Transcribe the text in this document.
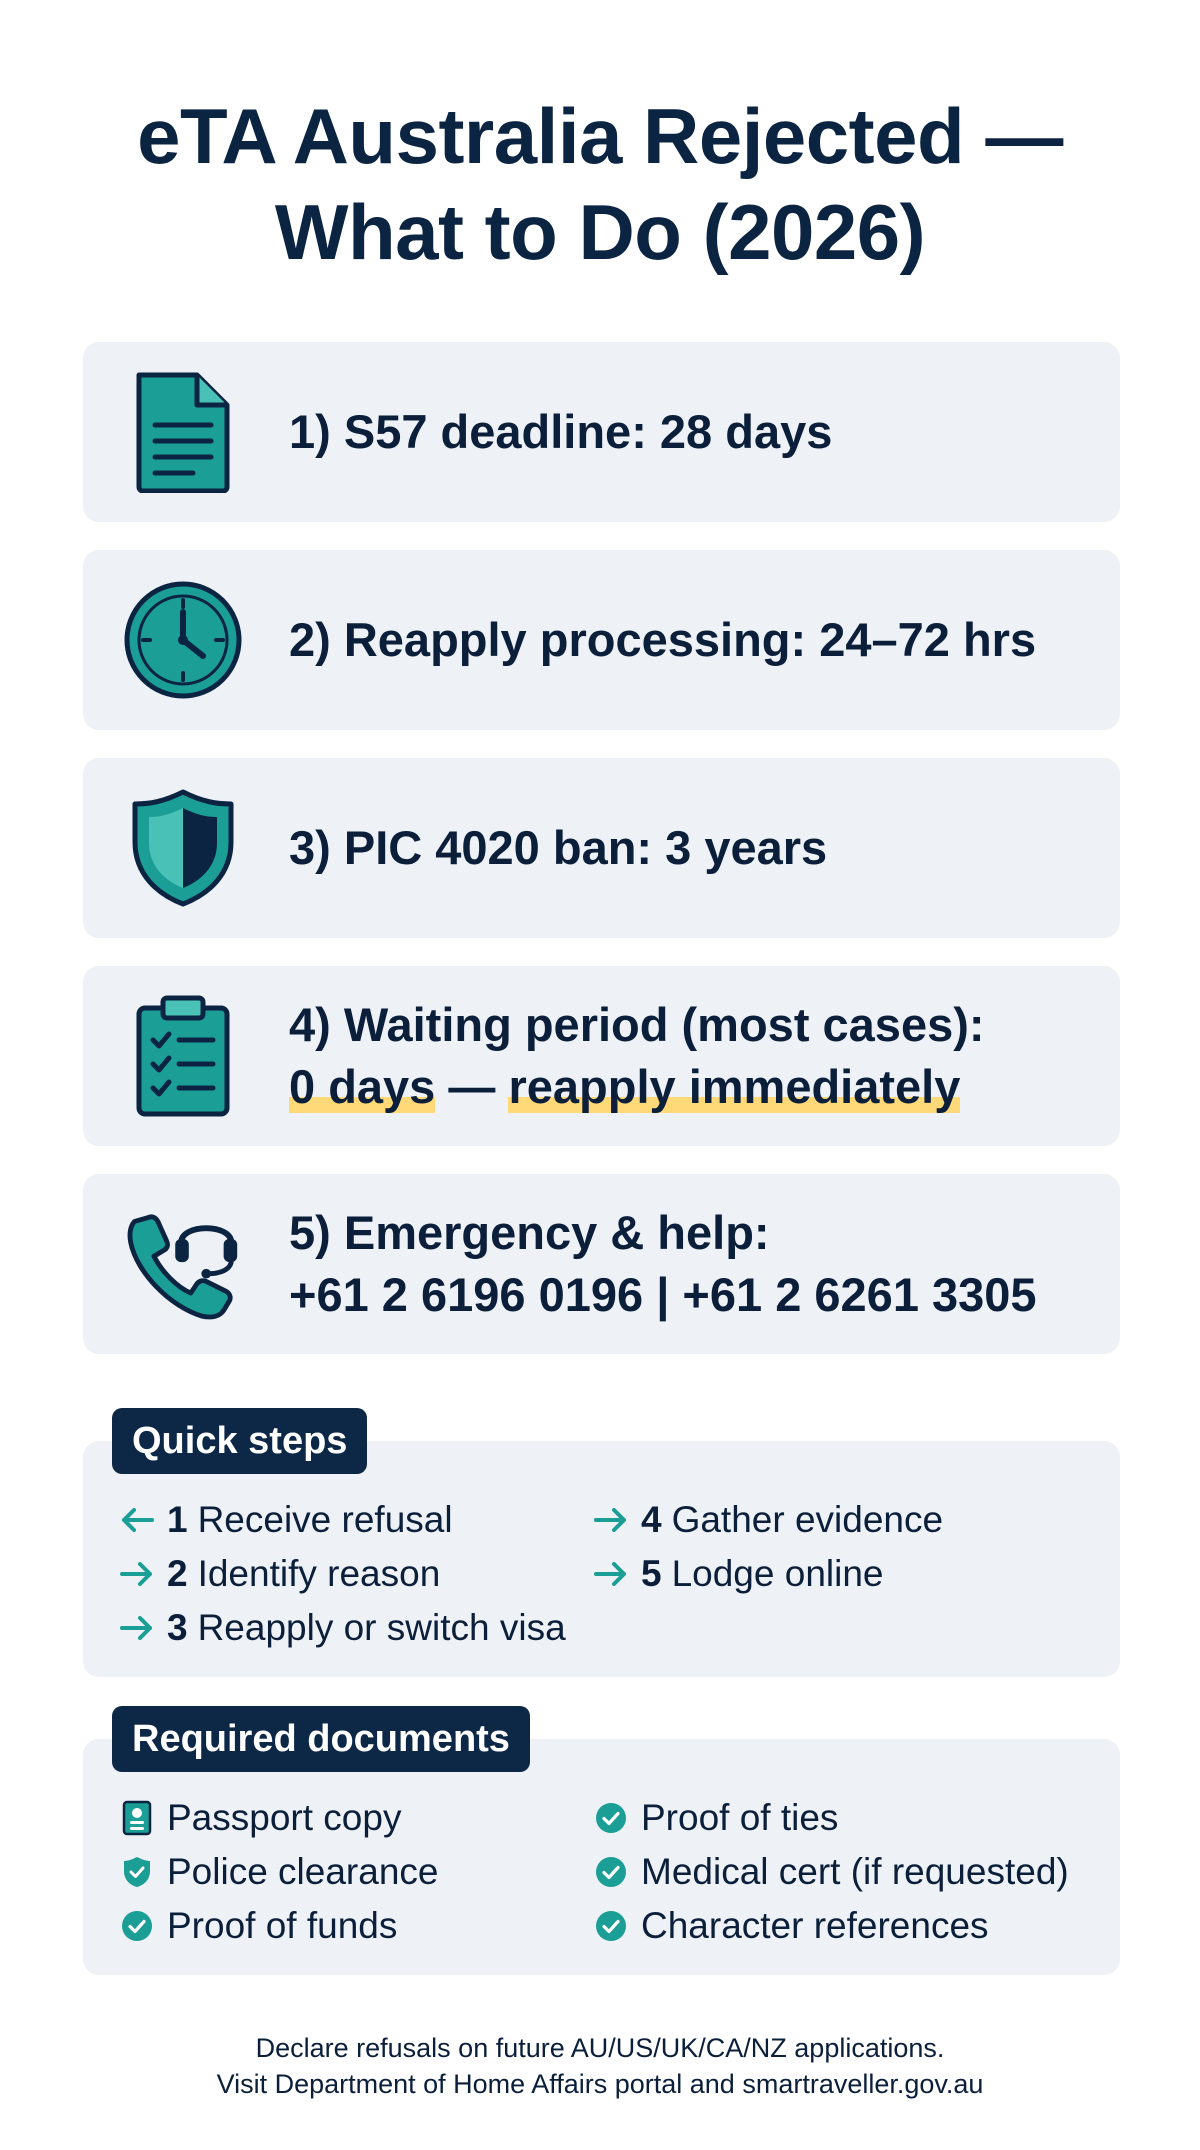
eTA Australia Rejected —
What to Do (2026)
1) S57 deadline: 28 days
2) Reapply processing: 24–72 hrs
3) PIC 4020 ban: 3 years
4) Waiting period (most cases):
0 days — reapply immediately
5) Emergency & help:
+61 2 6196 0196 | +61 2 6261 3305
Quick steps
1 Receive refusal
2 Identify reason
3 Reapply or switch visa
4 Gather evidence
5 Lodge online
Required documents
Passport copy
Police clearance
Proof of funds
Proof of ties
Medical cert (if requested)
Character references
Declare refusals on future AU/US/UK/CA/NZ applications.
Visit Department of Home Affairs portal and smartraveller.gov.au
